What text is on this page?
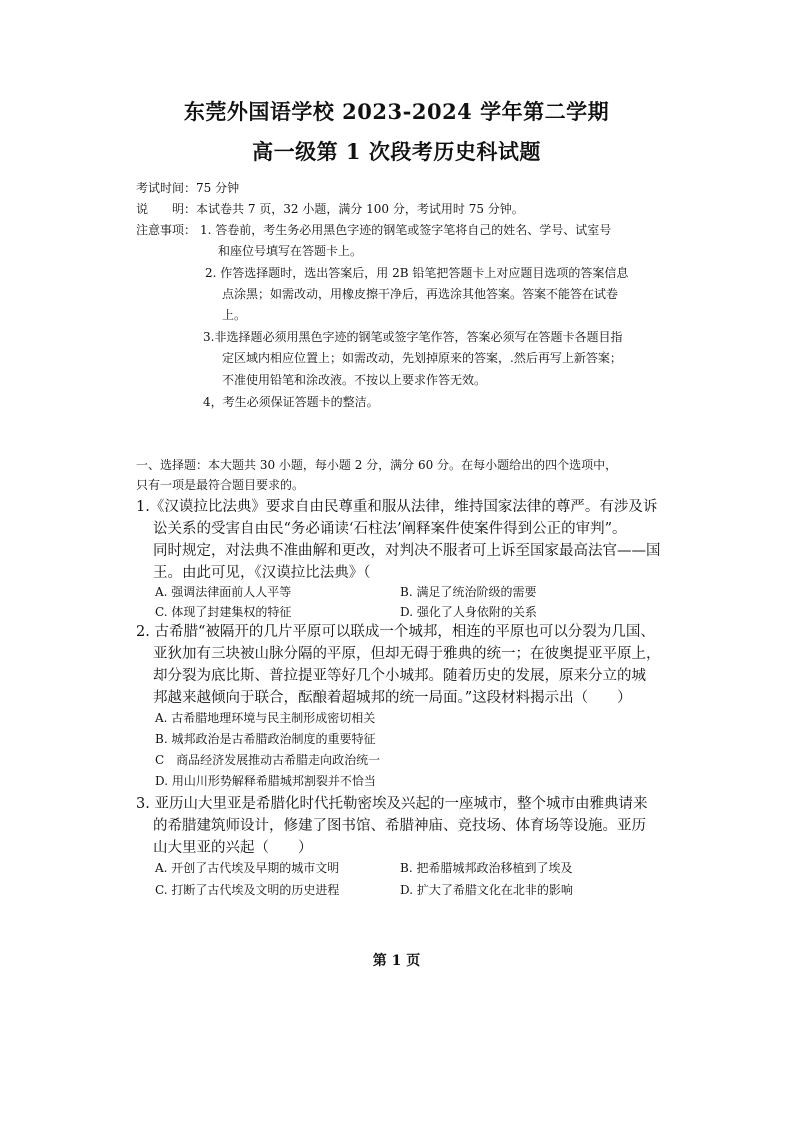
东莞外国语学校 2023-2024 学年第二学期
高一级第 1 次段考历史科试题
考试时间：75 分钟
说　　明：本试卷共 7 页，32 小题，满分 100 分，考试用时 75 分钟。
注意事项： 1. 答卷前，考生务必用黑色字迹的钢笔或签字笔将自己的姓名、学号、试室号
和座位号填写在答题卡上。
2. 作答选择题时，选出答案后，用 2B 铅笔把答题卡上对应题目选项的答案信息
点涂黑；如需改动，用橡皮擦干净后，再选涂其他答案。答案不能答在试卷
上。
3.非选择题必须用黑色字迹的钢笔或签字笔作答，答案必须写在答题卡各题目指
定区域内相应位置上；如需改动，先划掉原来的答案，.然后再写上新答案；
不准使用铅笔和涂改液。不按以上要求作答无效。
4，考生必须保证答题卡的整洁。
一、选择题：本大题共 30 小题，每小题 2 分，满分 60 分。在每小题给出的四个选项中，
只有一项是最符合题目要求的。
1.《汉谟拉比法典》要求自由民尊重和服从法律，维持国家法律的尊严。有涉及诉
讼关系的受害自由民“务必诵读‘石柱法’阐释案件使案件得到公正的审判”。
同时规定，对法典不准曲解和更改，对判决不服者可上诉至国家最高法官——国
王。由此可见，《汉谟拉比法典》（
A. 强调法律面前人人平等	B. 满足了统治阶级的需要
C. 体现了封建集权的特征	D. 强化了人身依附的关系
2. 古希腊“被隔开的几片平原可以联成一个城邦，相连的平原也可以分裂为几国、
亚狄加有三块被山脉分隔的平原，但却无碍于雅典的统一；在彼奥提亚平原上，
却分裂为底比斯、普拉提亚等好几个小城邦。随着历史的发展，原来分立的城
邦越来越倾向于联合，酝酿着超城邦的统一局面。”这段材料揭示出（　　）
A. 古希腊地理环境与民主制形成密切相关
B. 城邦政治是古希腊政治制度的重要特征
C　商品经济发展推动古希腊走向政治统一
D. 用山川形势解释希腊城邦割裂并不恰当
3. 亚历山大里亚是希腊化时代托勒密埃及兴起的一座城市，整个城市由雅典请来
的希腊建筑师设计，修建了图书馆、希腊神庙、竞技场、体育场等设施。亚历
山大里亚的兴起（　　）
A. 开创了古代埃及早期的城市文明	B. 把希腊城邦政治移植到了埃及
C. 打断了古代埃及文明的历史进程	D. 扩大了希腊文化在北非的影响
第 1 页
